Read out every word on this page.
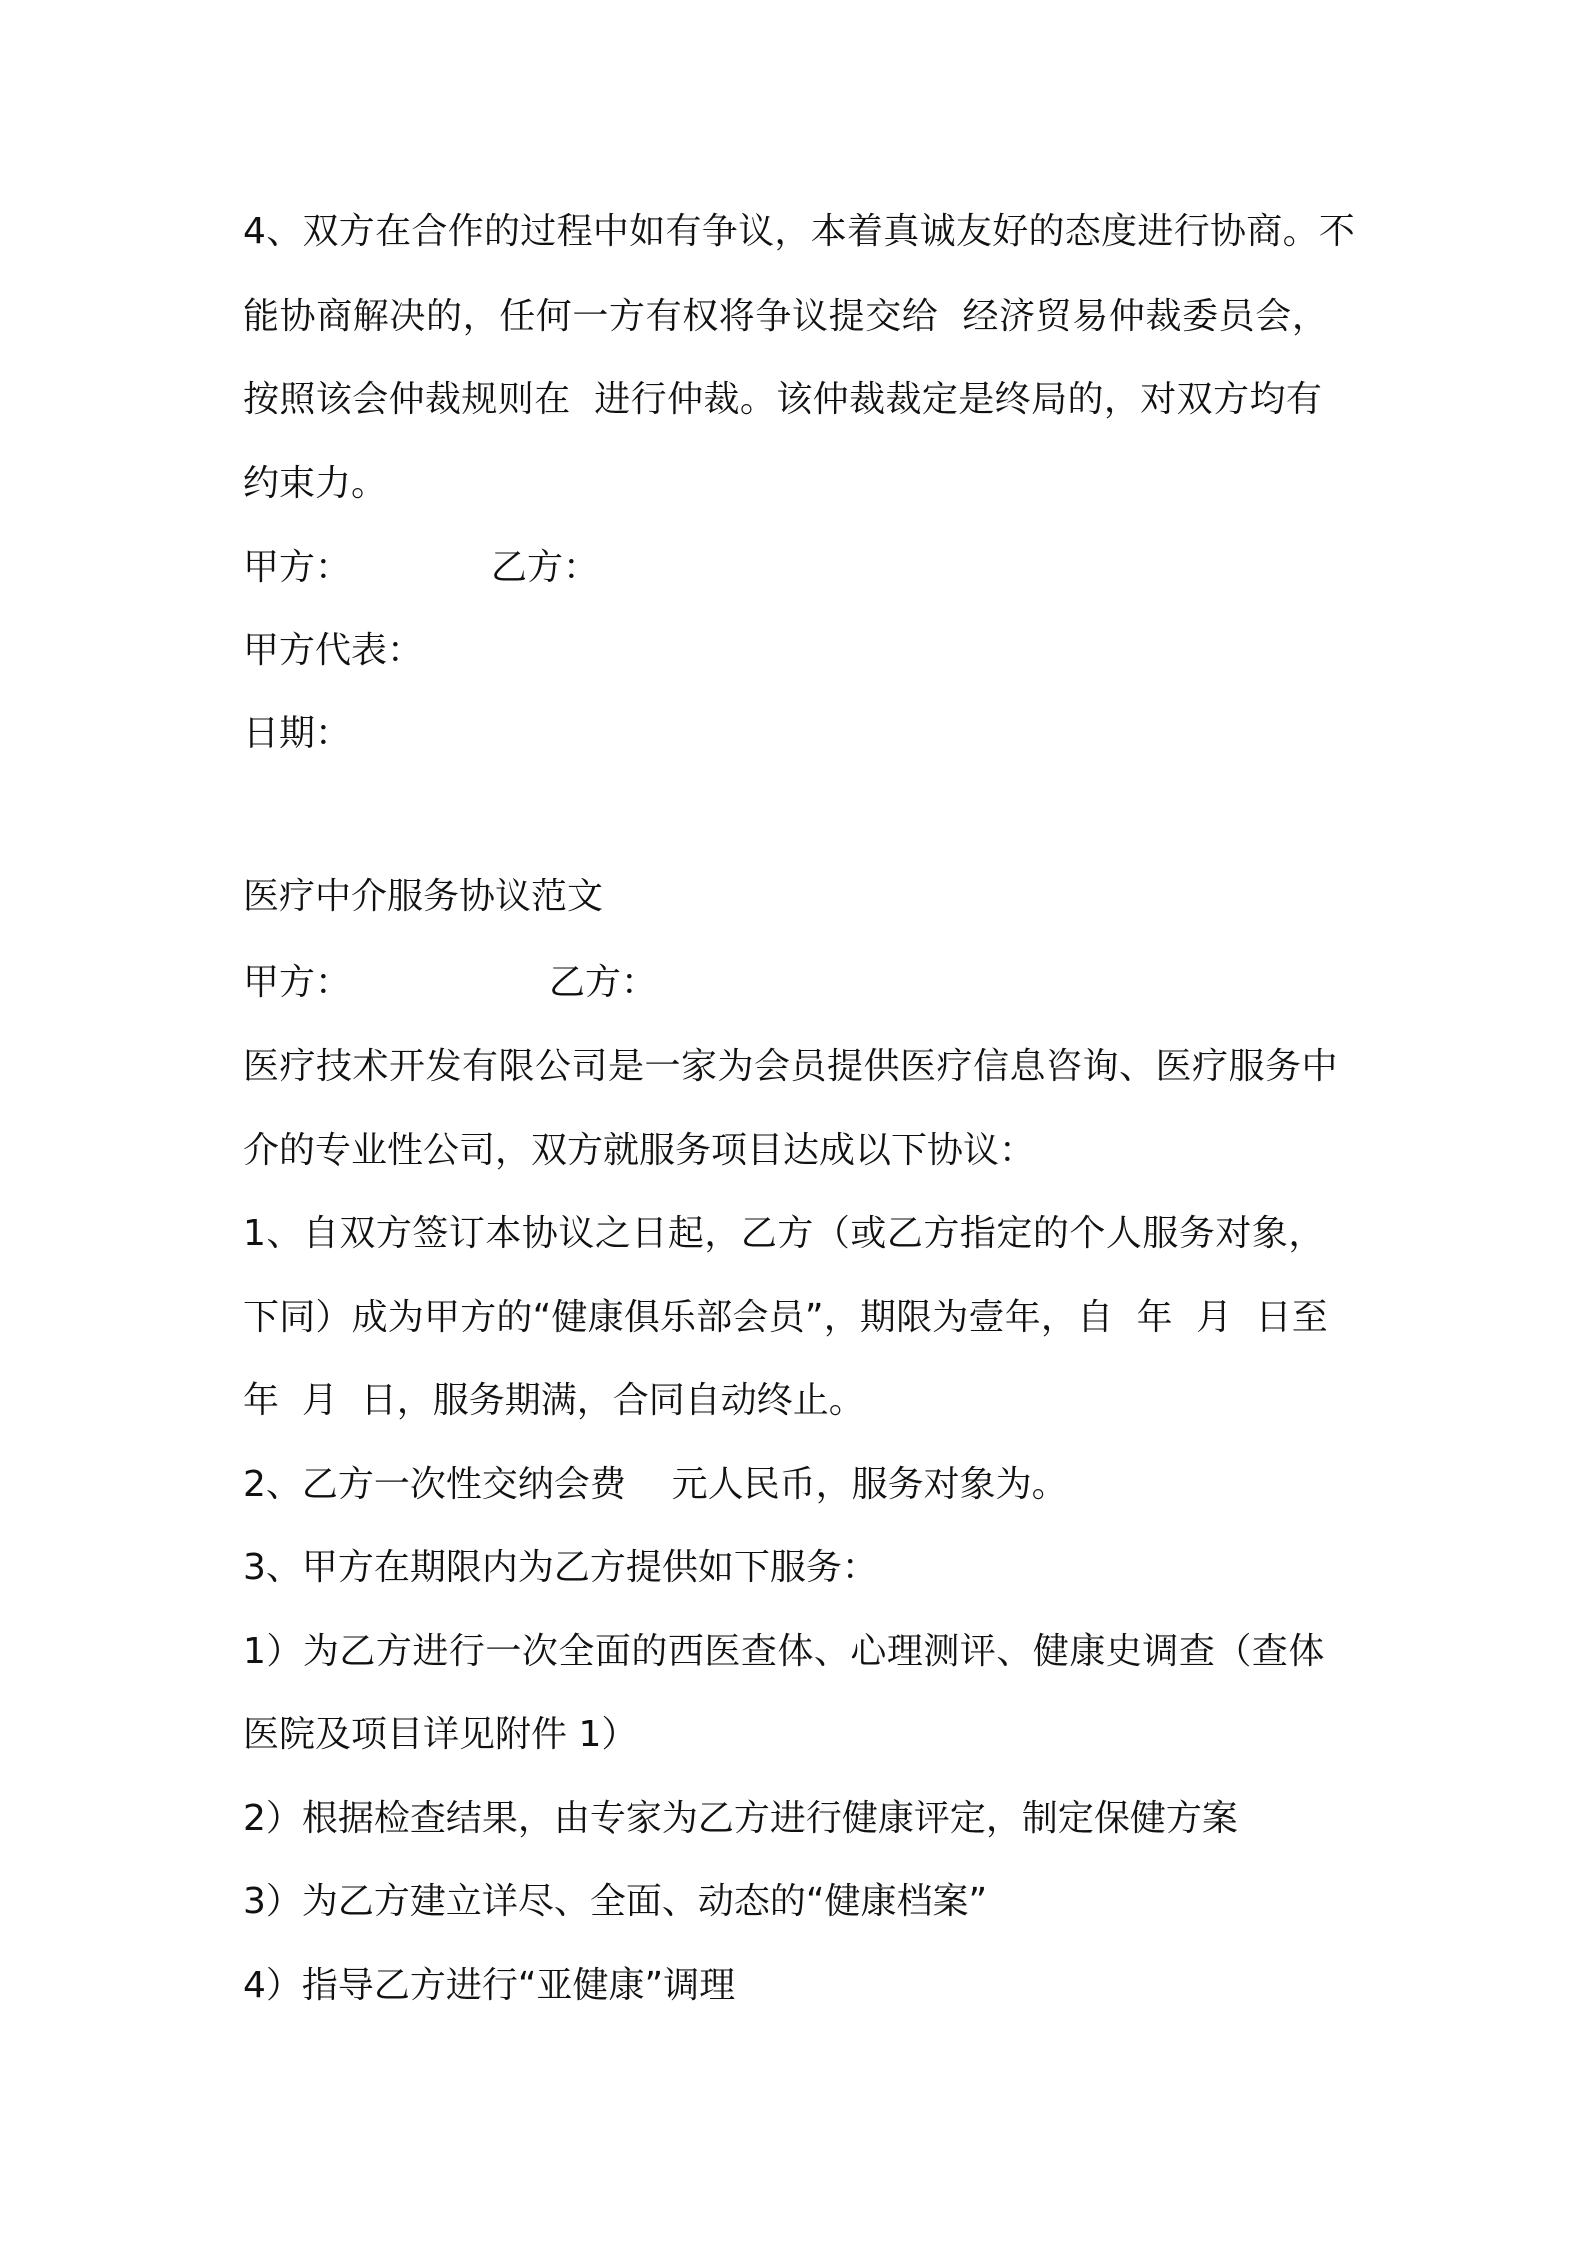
4、双方在合作的过程中如有争议，本着真诚友好的态度进行协商。不

能协商解决的，任何一方有权将争议提交给  经济贸易仲裁委员会，

按照该会仲裁规则在  进行仲裁。该仲裁裁定是终局的，对双方均有

约束力。

甲方：	乙方：

甲方代表：

日期：

医疗中介服务协议范文

甲方：	乙方：

医疗技术开发有限公司是一家为会员提供医疗信息咨询、医疗服务中

介的专业性公司，双方就服务项目达成以下协议：

1、自双方签订本协议之日起，乙方（或乙方指定的个人服务对象，

下同）成为甲方的“健康俱乐部会员”，期限为壹年，自  年  月  日至

年  月  日，服务期满，合同自动终止。

2、乙方一次性交纳会费    元人民币，服务对象为。

3、甲方在期限内为乙方提供如下服务：

1）为乙方进行一次全面的西医查体、心理测评、健康史调查（查体

医院及项目详见附件 1）

2）根据检查结果，由专家为乙方进行健康评定，制定保健方案

3）为乙方建立详尽、全面、动态的“健康档案”

4）指导乙方进行“亚健康”调理
